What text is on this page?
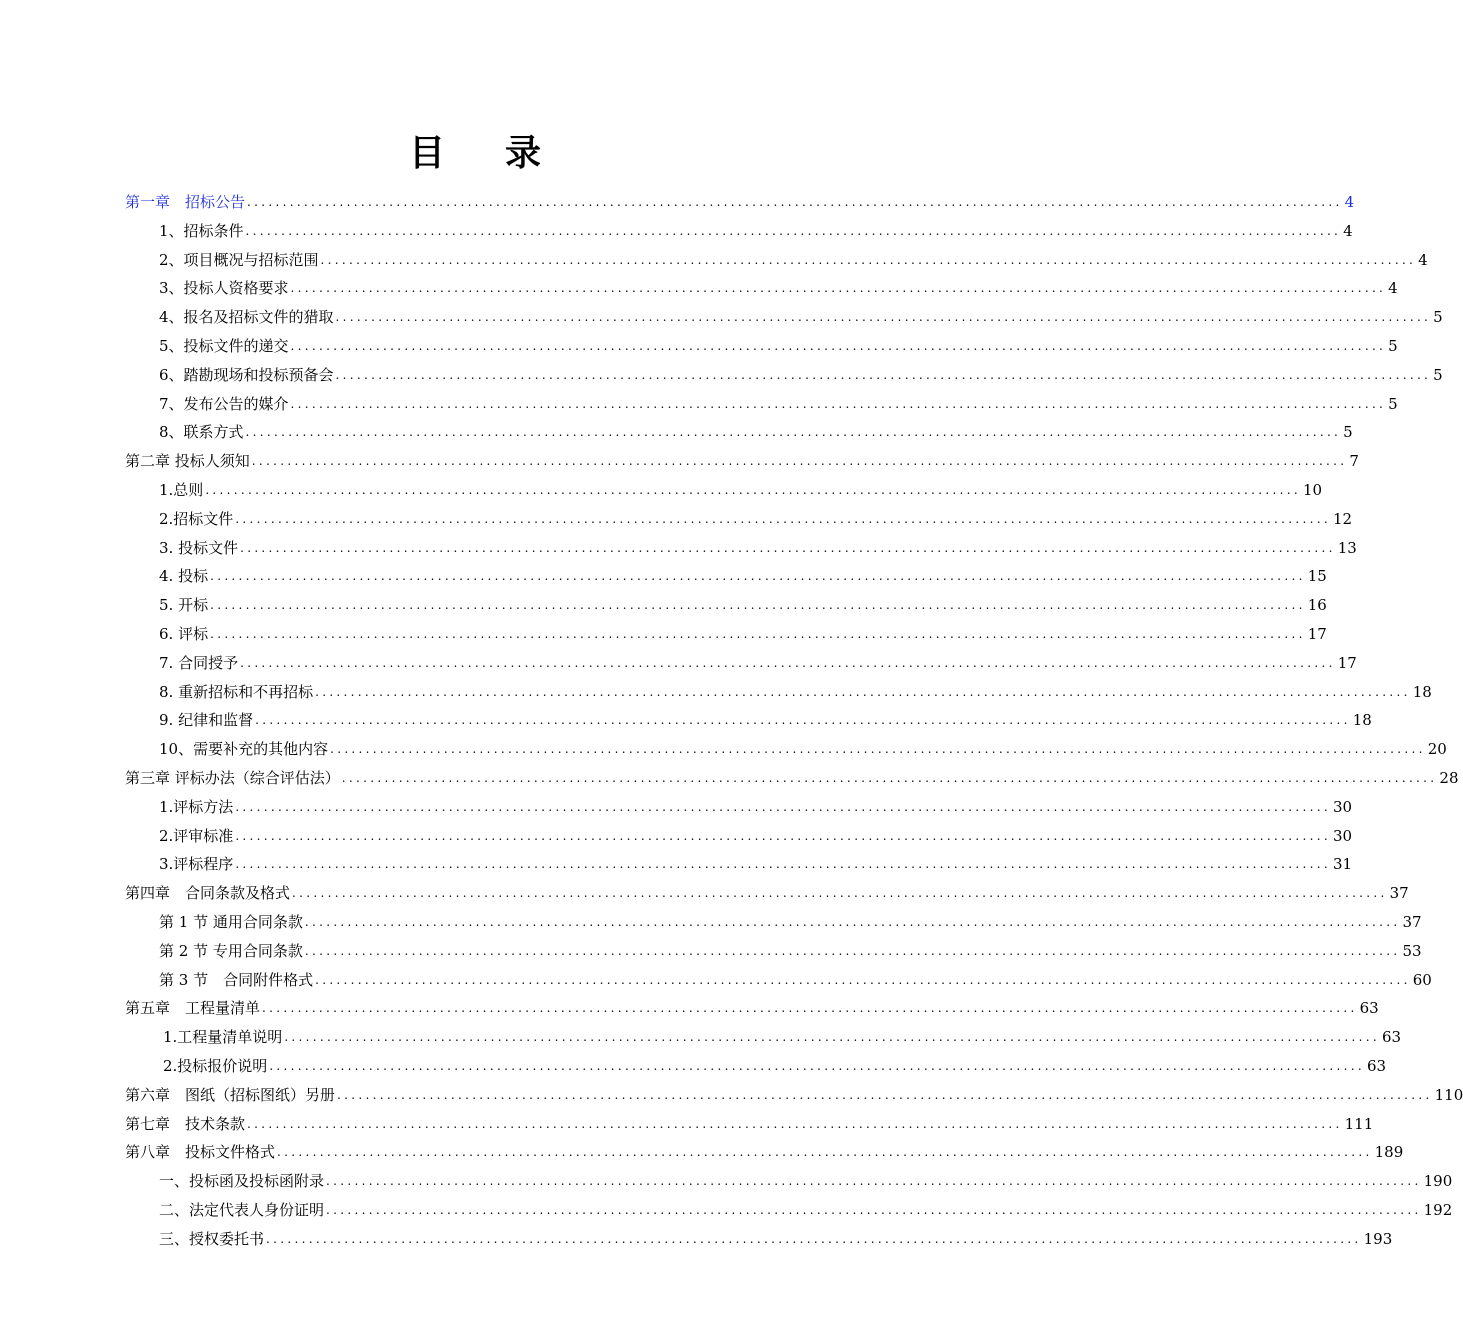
目 录
第一章　招标公告 .......................................................................................................................................................... 4
1、招标条件 .......................................................................................................................................................... 4
2、项目概况与招标范围 .......................................................................................................................................................... 4
3、投标人资格要求 .......................................................................................................................................................... 4
4、报名及招标文件的猎取 .......................................................................................................................................................... 5
5、投标文件的递交 .......................................................................................................................................................... 5
6、踏勘现场和投标预备会 .......................................................................................................................................................... 5
7、发布公告的媒介 .......................................................................................................................................................... 5
8、联系方式 .......................................................................................................................................................... 5
第二章 投标人须知 .......................................................................................................................................................... 7
1.总则 .......................................................................................................................................................... 10
2.招标文件 .......................................................................................................................................................... 12
3. 投标文件 .......................................................................................................................................................... 13
4. 投标 .......................................................................................................................................................... 15
5. 开标 .......................................................................................................................................................... 16
6. 评标 .......................................................................................................................................................... 17
7. 合同授予 .......................................................................................................................................................... 17
8. 重新招标和不再招标 .......................................................................................................................................................... 18
9. 纪律和监督 .......................................................................................................................................................... 18
10、需要补充的其他内容 .......................................................................................................................................................... 20
第三章 评标办法（综合评估法） .......................................................................................................................................................... 28
1.评标方法 .......................................................................................................................................................... 30
2.评审标准 .......................................................................................................................................................... 30
3.评标程序 .......................................................................................................................................................... 31
第四章　合同条款及格式 .......................................................................................................................................................... 37
第 1 节 通用合同条款 .......................................................................................................................................................... 37
第 2 节 专用合同条款 .......................................................................................................................................................... 53
第 3 节　合同附件格式 .......................................................................................................................................................... 60
第五章　工程量清单 .......................................................................................................................................................... 63
1.工程量清单说明 .......................................................................................................................................................... 63
2.投标报价说明 .......................................................................................................................................................... 63
第六章　图纸（招标图纸）另册 .......................................................................................................................................................... 110
第七章　技术条款 .......................................................................................................................................................... 111
第八章　投标文件格式 .......................................................................................................................................................... 189
一、投标函及投标函附录 .......................................................................................................................................................... 190
二、法定代表人身份证明 .......................................................................................................................................................... 192
三、授权委托书 .......................................................................................................................................................... 193
